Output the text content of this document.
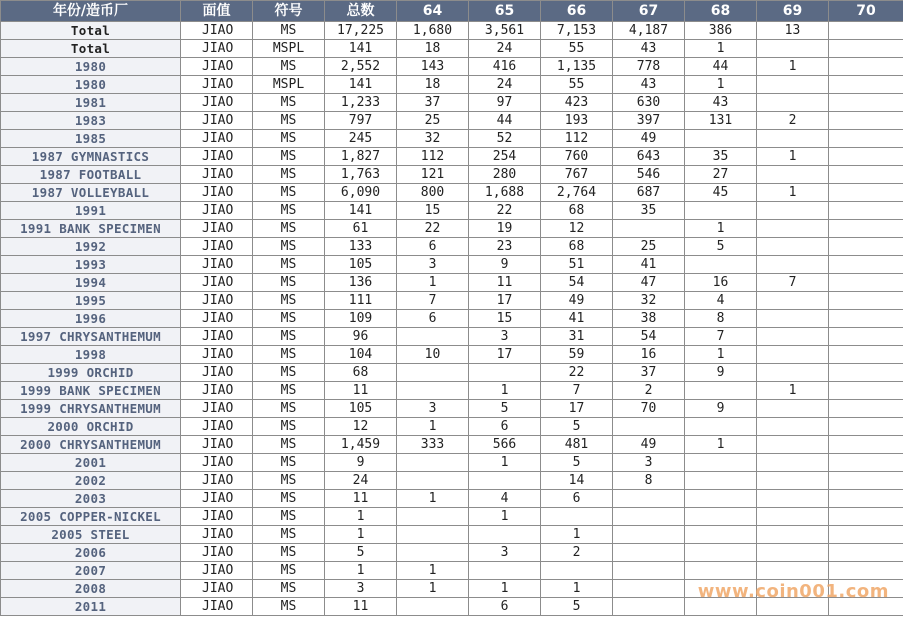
年份/造币厂	面值	符号	总数	64	65	66	67	68	69	70
Total	JIAO	MS	17,225	1,680	3,561	7,153	4,187	386	13	
Total	JIAO	MSPL	141	18	24	55	43	1		
1980	JIAO	MS	2,552	143	416	1,135	778	44	1	
1980	JIAO	MSPL	141	18	24	55	43	1		
1981	JIAO	MS	1,233	37	97	423	630	43		
1983	JIAO	MS	797	25	44	193	397	131	2	
1985	JIAO	MS	245	32	52	112	49			
1987 GYMNASTICS	JIAO	MS	1,827	112	254	760	643	35	1	
1987 FOOTBALL	JIAO	MS	1,763	121	280	767	546	27		
1987 VOLLEYBALL	JIAO	MS	6,090	800	1,688	2,764	687	45	1	
1991	JIAO	MS	141	15	22	68	35			
1991 BANK SPECIMEN	JIAO	MS	61	22	19	12		1		
1992	JIAO	MS	133	6	23	68	25	5		
1993	JIAO	MS	105	3	9	51	41			
1994	JIAO	MS	136	1	11	54	47	16	7	
1995	JIAO	MS	111	7	17	49	32	4		
1996	JIAO	MS	109	6	15	41	38	8		
1997 CHRYSANTHEMUM	JIAO	MS	96		3	31	54	7		
1998	JIAO	MS	104	10	17	59	16	1		
1999 ORCHID	JIAO	MS	68			22	37	9		
1999 BANK SPECIMEN	JIAO	MS	11		1	7	2		1	
1999 CHRYSANTHEMUM	JIAO	MS	105	3	5	17	70	9		
2000 ORCHID	JIAO	MS	12	1	6	5				
2000 CHRYSANTHEMUM	JIAO	MS	1,459	333	566	481	49	1		
2001	JIAO	MS	9		1	5	3			
2002	JIAO	MS	24			14	8			
2003	JIAO	MS	11	1	4	6				
2005 COPPER-NICKEL	JIAO	MS	1		1					
2005 STEEL	JIAO	MS	1			1				
2006	JIAO	MS	5		3	2				
2007	JIAO	MS	1	1						
2008	JIAO	MS	3	1	1	1				
2011	JIAO	MS	11		6	5				
www.coin001.com
